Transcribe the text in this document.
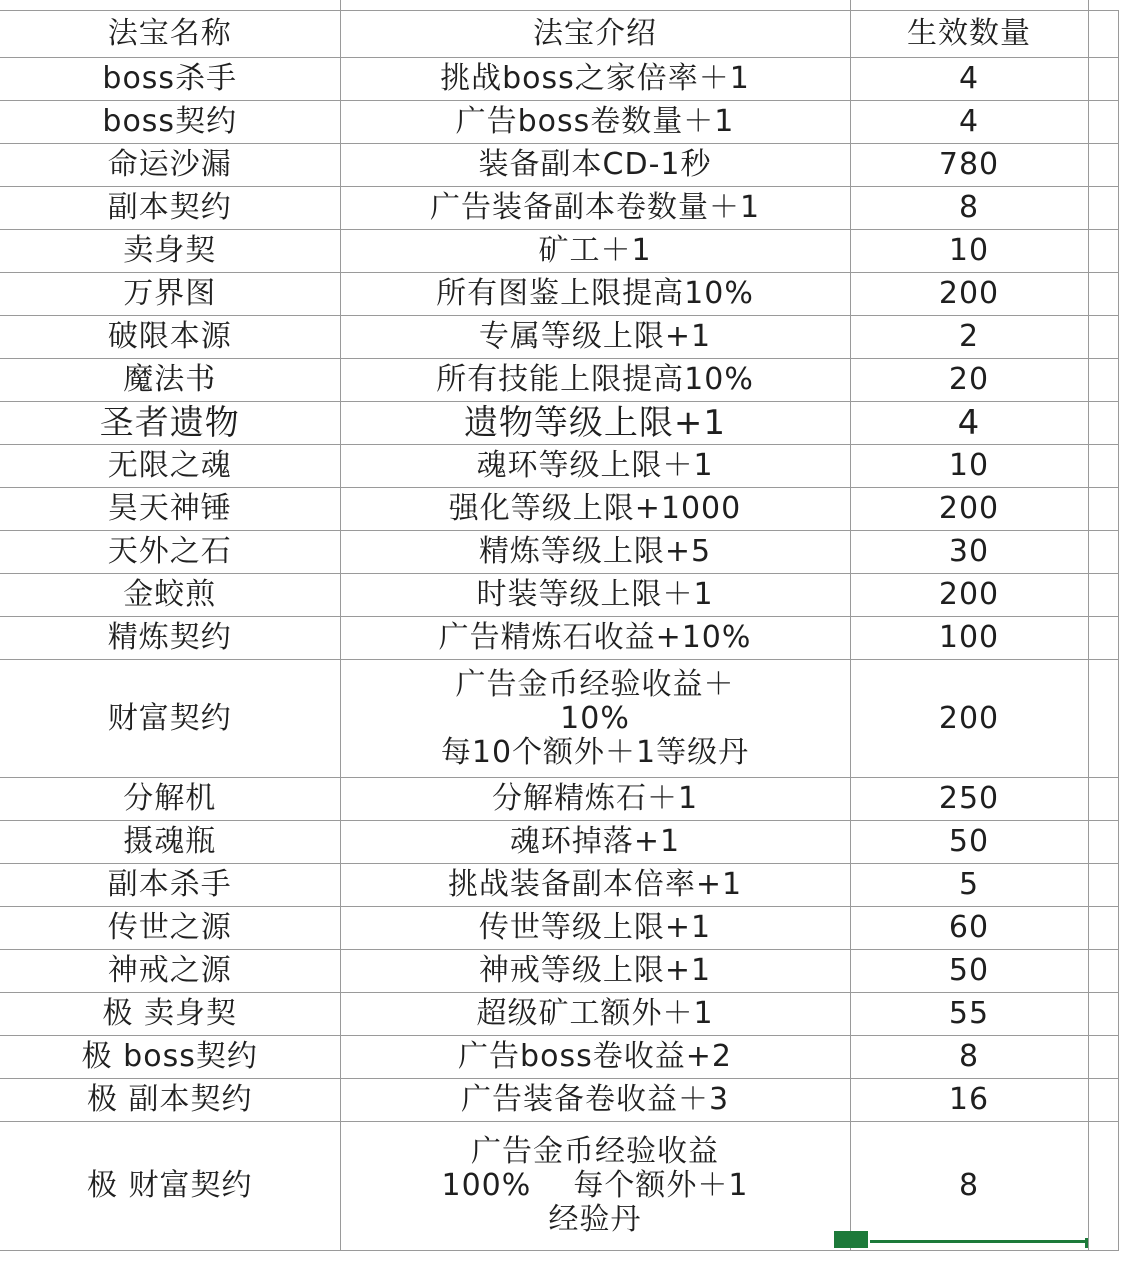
法宝名称	法宝介绍	生效数量	
boss杀手	挑战boss之家倍率＋1	4	
boss契约	广告boss卷数量＋1	4	
命运沙漏	装备副本CD-1秒	780	
副本契约	广告装备副本卷数量＋1	8	
卖身契	矿工＋1	10	
万界图	所有图鉴上限提高10%	200	
破限本源	专属等级上限+1	2	
魔法书	所有技能上限提高10%	20	
圣者遗物	遗物等级上限+1	4	
无限之魂	魂环等级上限＋1	10	
昊天神锤	强化等级上限+1000	200	
天外之石	精炼等级上限+5	30	
金蛟煎	时装等级上限＋1	200	
精炼契约	广告精炼石收益+10%	100	
财富契约	广告金币经验收益＋
10%
每10个额外＋1等级丹	200	
分解机	分解精炼石＋1	250	
摄魂瓶	魂环掉落+1	50	
副本杀手	挑战装备副本倍率+1	5	
传世之源	传世等级上限+1	60	
神戒之源	神戒等级上限+1	50	
极 卖身契	超级矿工额外＋1	55	
极 boss契约	广告boss卷收益+2	8	
极 副本契约	广告装备卷收益＋3	16	
极 财富契约	广告金币经验收益
100%    每个额外＋1
经验丹	8	
